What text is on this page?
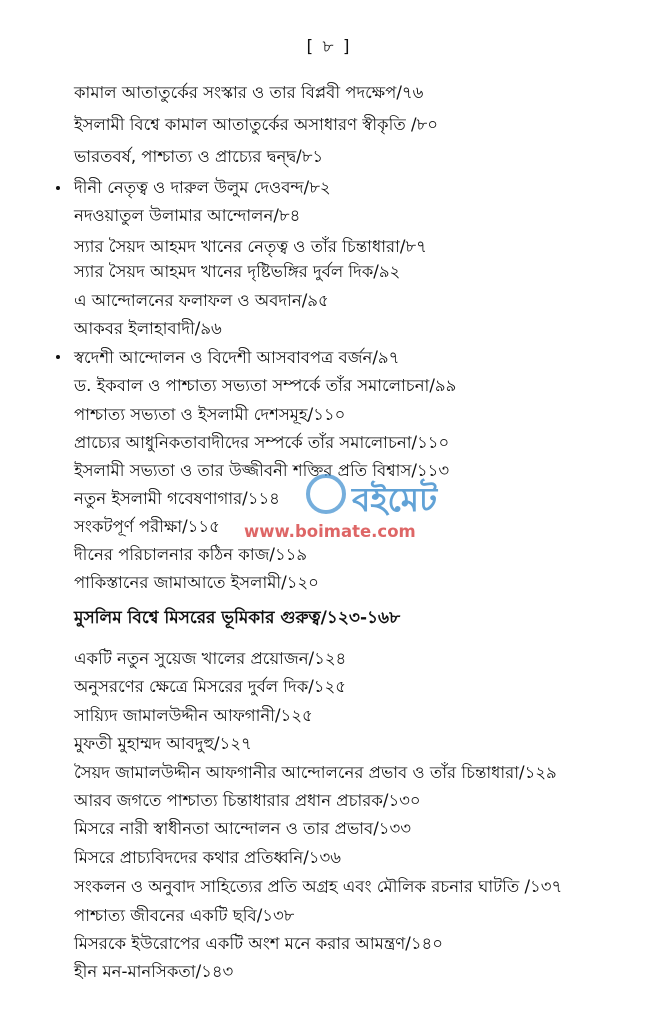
[ ৮ ]
কামাল আতাতুর্কের সংস্কার ও তার বিপ্লবী পদক্ষেপ/৭৬
ইসলামী বিশ্বে কামাল আতাতুর্কের অসাধারণ স্বীকৃতি /৮০
ভারতবর্ষ, পাশ্চাত্য ও প্রাচ্যের দ্বন্দ্ব/৮১
দীনী নেতৃত্ব ও দারুল উলুম দেওবন্দ/৮২
নদওয়াতুল উলামার আন্দোলন/৮৪
স্যার সৈয়দ আহমদ খানের নেতৃত্ব ও তাঁর চিন্তাধারা/৮৭
স্যার সৈয়দ আহমদ খানের দৃষ্টিভঙ্গির দুর্বল দিক/৯২
এ আন্দোলনের ফলাফল ও অবদান/৯৫
আকবর ইলাহাবাদী/৯৬
স্বদেশী আন্দোলন ও বিদেশী আসবাবপত্র বর্জন/৯৭
ড. ইকবাল ও পাশ্চাত্য সভ্যতা সম্পর্কে তাঁর সমালোচনা/৯৯
পাশ্চাত্য সভ্যতা ও ইসলামী দেশসমূহ/১১০
প্রাচ্যের আধুনিকতাবাদীদের সম্পর্কে তাঁর সমালোচনা/১১০
ইসলামী সভ্যতা ও তার উজ্জীবনী শক্তির প্রতি বিশ্বাস/১১৩
নতুন ইসলামী গবেষণাগার/১১৪
সংকটপূর্ণ পরীক্ষা/১১৫
দীনের পরিচালনার কঠিন কাজ/১১৯
পাকিস্তানের জামাআতে ইসলামী/১২০
মুসলিম বিশ্বে মিসরের ভূমিকার গুরুত্ব/১২৩-১৬৮
একটি নতুন সুয়েজ খালের প্রয়োজন/১২৪
অনুসরণের ক্ষেত্রে মিসরের দুর্বল দিক/১২৫
সায়্যিদ জামালউদ্দীন আফগানী/১২৫
মুফতী মুহাম্মদ আবদুহু/১২৭
সৈয়দ জামালউদ্দীন আফগানীর আন্দোলনের প্রভাব ও তাঁর চিন্তাধারা/১২৯
আরব জগতে পাশ্চাত্য চিন্তাধারার প্রধান প্রচারক/১৩০
মিসরে নারী স্বাধীনতা আন্দোলন ও তার প্রভাব/১৩৩
মিসরে প্রাচ্যবিদদের কথার প্রতিধ্বনি/১৩৬
সংকলন ও অনুবাদ সাহিত্যের প্রতি অগ্রহ এবং মৌলিক রচনার ঘাটতি /১৩৭
পাশ্চাত্য জীবনের একটি ছবি/১৩৮
মিসরকে ইউরোপের একটি অংশ মনে করার আমন্ত্রণ/১৪০
হীন মন-মানসিকতা/১৪৩
বইমেট
www.boimate.com
